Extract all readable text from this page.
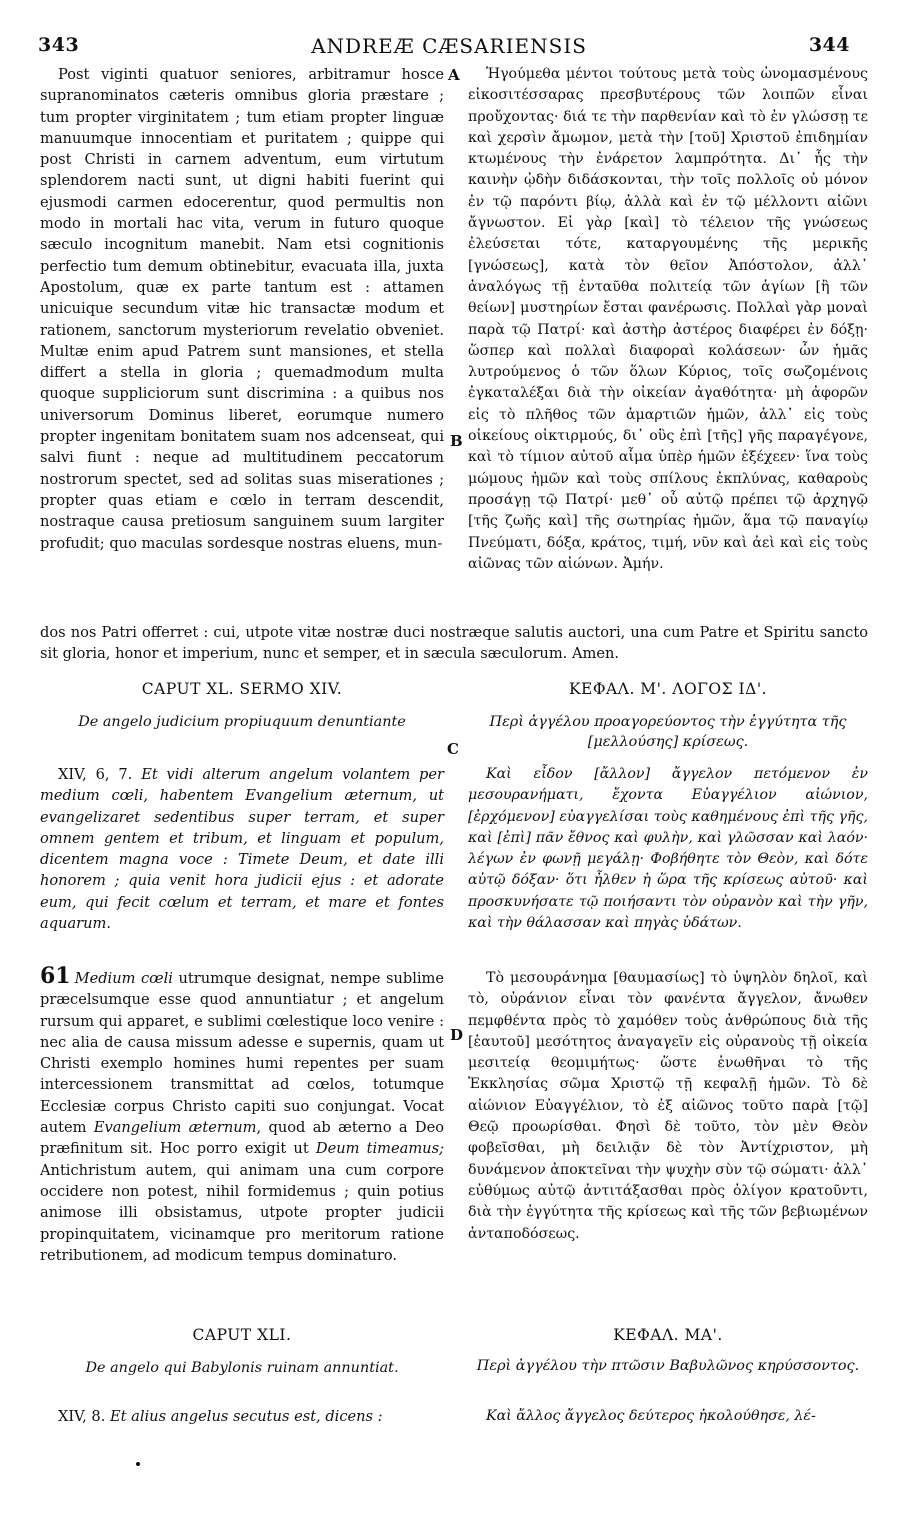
343	ANDREÆ CÆSARIENSIS	344
A
B
C
D

Post viginti quatuor seniores, arbitramur hosce supranominatos cæteris omnibus gloria præstare ; tum propter virginitatem ; tum etiam propter linguæ manuumque innocentiam et puritatem ; quippe qui post Christi in carnem adventum, eum virtutum splendorem nacti sunt, ut digni habiti fuerint qui ejusmodi carmen edocerentur, quod permultis non modo in mortali hac vita, verum in futuro quoque sæculo incognitum manebit. Nam etsi cognitionis perfectio tum demum obtinebitur, evacuata illa, juxta Apostolum, quæ ex parte tantum est : attamen unicuique secundum vitæ hic transactæ modum et rationem, sanctorum mysteriorum revelatio obveniet. Multæ enim apud Patrem sunt mansiones, et stella differt a stella in gloria ; quemadmodum multa quoque suppliciorum sunt discrimina : a quibus nos universorum Dominus liberet, eorumque numero propter ingenitam bonitatem suam nos adcenseat, qui salvi fiunt : neque ad multitudinem peccatorum nostrorum spectet, sed ad solitas suas miserationes ; propter quas etiam e cœlo in terram descendit, nostraque causa pretiosum sanguinem suum largiter profudit; quo maculas sordesque nostras eluens, mun-

Ἡγούμεθα μέντοι τούτους μετὰ τοὺς ὠνομασμένους εἰκοσιτέσσαρας πρεσβυτέρους τῶν λοιπῶν εἶναι προὔχοντας· διά τε τὴν παρθενίαν καὶ τὸ ἐν γλώσσῃ τε καὶ χερσὶν ἄμωμον, μετὰ τὴν [τοῦ] Χριστοῦ ἐπιδημίαν κτωμένους τὴν ἐνάρετον λαμπρότητα. Δι᾽ ἧς τὴν καινὴν ᾠδὴν διδάσκονται, τὴν τοῖς πολλοῖς οὐ μόνον ἐν τῷ παρόντι βίῳ, ἀλλὰ καὶ ἐν τῷ μέλλοντι αἰῶνι ἄγνωστον. Εἰ γὰρ [καὶ] τὸ τέλειον τῆς γνώσεως ἐλεύσεται τότε, καταργουμένης τῆς μερικῆς [γνώσεως], κατὰ τὸν θεῖον Ἀπόστολον, ἀλλ᾽ ἀναλόγως τῇ ἐνταῦθα πολιτείᾳ τῶν ἁγίων [ἢ τῶν θείων] μυστηρίων ἔσται φανέρωσις. Πολλαὶ γὰρ μοναὶ παρὰ τῷ Πατρί· καὶ ἀστὴρ ἀστέρος διαφέρει ἐν δόξῃ· ὥσπερ καὶ πολλαὶ διαφοραὶ κολάσεων· ὧν ἡμᾶς λυτρούμενος ὁ τῶν ὅλων Κύριος, τοῖς σωζομένοις ἐγκαταλέξαι διὰ τὴν οἰκείαν ἀγαθότητα· μὴ ἀφορῶν εἰς τὸ πλῆθος τῶν ἁμαρτιῶν ἡμῶν, ἀλλ᾽ εἰς τοὺς οἰκείους οἰκτιρμούς, δι᾽ οὓς ἐπὶ [τῆς] γῆς παραγέγονε, καὶ τὸ τίμιον αὐτοῦ αἷμα ὑπὲρ ἡμῶν ἐξέχεεν· ἵνα τοὺς μώμους ἡμῶν καὶ τοὺς σπίλους ἐκπλύνας, καθαροὺς προσάγῃ τῷ Πατρί· μεθ᾽ οὗ αὐτῷ πρέπει τῷ ἀρχηγῷ [τῆς ζωῆς καὶ] τῆς σωτηρίας ἡμῶν, ἅμα τῷ παναγίῳ Πνεύματι, δόξα, κράτος, τιμή, νῦν καὶ ἀεὶ καὶ εἰς τοὺς αἰῶνας τῶν αἰώνων. Ἀμήν.

dos nos Patri offerret : cui, utpote vitæ nostræ duci nostræque salutis auctori, una cum Patre et Spiritu sancto sit gloria, honor et imperium, nunc et semper, et in sæcula sæculorum. Amen.
CAPUT XL. SERMO XIV.	ΚΕΦΑΛ. Μ'. ΛΟΓΟΣ ΙΔ'.
De angelo judicium propiuquum denuntiante	Περὶ ἀγγέλου προαγορεύοντος τὴν ἐγγύτητα τῆς [μελλούσης] κρίσεως.

XIV, 6, 7. Et vidi alterum angelum volantem per medium cœli, habentem Evangelium æternum, ut evangelizaret sedentibus super terram, et super omnem gentem et tribum, et linguam et populum, dicentem magna voce : Timete Deum, et date illi honorem ; quia venit hora judicii ejus : et adorate eum, qui fecit cœlum et terram, et mare et fontes aquarum.

Καὶ εἶδον [ἄλλον] ἄγγελον πετόμενον ἐν μεσουρανήματι, ἔχοντα Εὐαγγέλιον αἰώνιον, [ἐρχόμενον] εὐαγγελίσαι τοὺς καθημένους ἐπὶ τῆς γῆς, καὶ [ἐπὶ] πᾶν ἔθνος καὶ φυλὴν, καὶ γλῶσσαν καὶ λαόν· λέγων ἐν φωνῇ μεγάλῃ· Φοβήθητε τὸν Θεὸν, καὶ δότε αὐτῷ δόξαν· ὅτι ἦλθεν ἡ ὥρα τῆς κρίσεως αὐτοῦ· καὶ προσκυνήσατε τῷ ποιήσαντι τὸν οὐρανὸν καὶ τὴν γῆν, καὶ τὴν θάλασσαν καὶ πηγὰς ὑδάτων.

61 Medium cœli utrumque designat, nempe sublime præcelsumque esse quod annuntiatur ; et angelum rursum qui apparet, e sublimi cœlestique loco venire : nec alia de causa missum adesse e supernis, quam ut Christi exemplo homines humi repentes per suam intercessionem transmittat ad cœlos, totumque Ecclesiæ corpus Christo capiti suo conjungat. Vocat autem Evangelium æternum, quod ab æterno a Deo præfinitum sit. Hoc porro exigit ut Deum timeamus; Antichristum autem, qui animam una cum corpore occidere non potest, nihil formidemus ; quin potius animose illi obsistamus, utpote propter judicii propinquitatem, vicinamque pro meritorum ratione retributionem, ad modicum tempus dominaturo.

Τὸ μεσουράνημα [θαυμασίως] τὸ ὑψηλὸν δηλοῖ, καὶ τὸ, οὐράνιον εἶναι τὸν φανέντα ἄγγελον, ἄνωθεν πεμφθέντα πρὸς τὸ χαμόθεν τοὺς ἀνθρώπους διὰ τῆς [ἑαυτοῦ] μεσότητος ἀναγαγεῖν εἰς οὐρανοὺς τῇ οἰκεία μεσιτείᾳ θεομιμήτως· ὥστε ἑνωθῆναι τὸ τῆς Ἐκκλησίας σῶμα Χριστῷ τῇ κεφαλῇ ἡμῶν. Τὸ δὲ αἰώνιον Εὐαγγέλιον, τὸ ἐξ αἰῶνος τοῦτο παρὰ [τῷ] Θεῷ προωρίσθαι. Φησὶ δὲ τοῦτο, τὸν μὲν Θεὸν φοβεῖσθαι, μὴ δειλιᾷν δὲ τὸν Ἀντίχριστον, μὴ δυνάμενον ἀποκτεῖναι τὴν ψυχὴν σὺν τῷ σώματι· ἀλλ᾽ εὐθύμως αὐτῷ ἀντιτάξασθαι πρὸς ὀλίγον κρατοῦντι, διὰ τὴν ἐγγύτητα τῆς κρίσεως καὶ τῆς τῶν βεβιωμένων ἀνταποδόσεως.

CAPUT XLI.	ΚΕΦΑΛ. ΜΑ'.
De angelo qui Babylonis ruinam annuntiat.	Περὶ ἀγγέλου τὴν πτῶσιν Βαβυλῶνος κηρύσσοντος.

XIV, 8. Et alius angelus secutus est, dicens :	Καὶ ἄλλος ἄγγελος δεύτερος ἠκολούθησε, λέ-
